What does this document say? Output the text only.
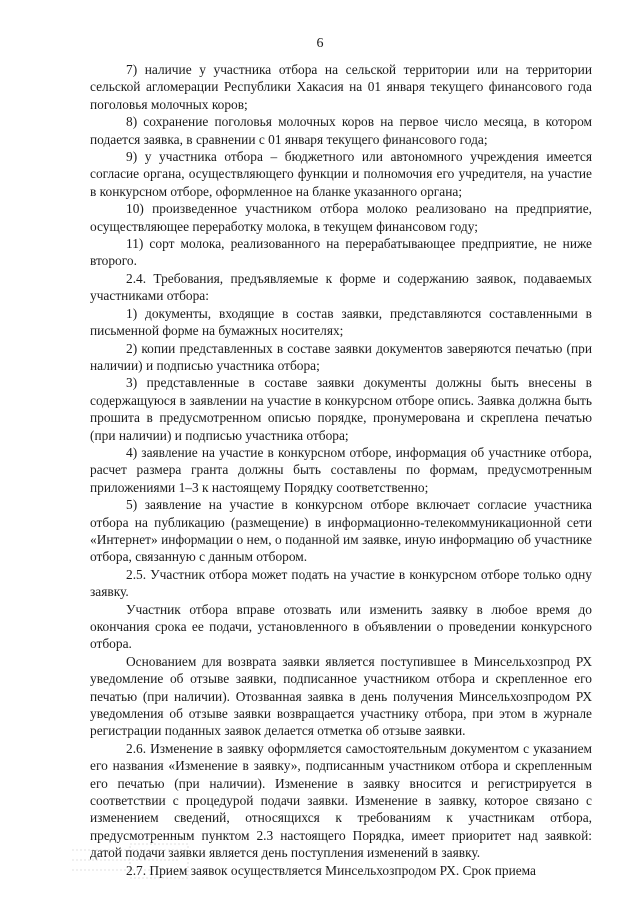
6

7) наличие у участника отбора на сельской территории или на территории сельской агломерации Республики Хакасия на 01 января текущего финансового года поголовья молочных коров;

8) сохранение поголовья молочных коров на первое число месяца, в котором подается заявка, в сравнении с 01 января текущего финансового года;

9) у участника отбора – бюджетного или автономного учреждения имеется согласие органа, осуществляющего функции и полномочия его учредителя, на участие в конкурсном отборе, оформленное на бланке указанного органа;

10) произведенное участником отбора молоко реализовано на предприятие, осуществляющее переработку молока, в текущем финансовом году;

11) сорт молока, реализованного на перерабатывающее предприятие, не ниже второго.

2.4. Требования, предъявляемые к форме и содержанию заявок, подаваемых участниками отбора:

1) документы, входящие в состав заявки, представляются составленными в письменной форме на бумажных носителях;

2) копии представленных в составе заявки документов заверяются печатью (при наличии) и подписью участника отбора;

3) представленные в составе заявки документы должны быть внесены в содержащуюся в заявлении на участие в конкурсном отборе опись. Заявка должна быть прошита в предусмотренном описью порядке, пронумерована и скреплена печатью (при наличии) и подписью участника отбора;

4) заявление на участие в конкурсном отборе, информация об участнике отбора, расчет размера гранта должны быть составлены по формам, предусмотренным приложениями 1–3 к настоящему Порядку соответственно;

5) заявление на участие в конкурсном отборе включает согласие участника отбора на публикацию (размещение) в информационно-телекоммуникационной сети «Интернет» информации о нем, о поданной им заявке, иную информацию об участнике отбора, связанную с данным отбором.

2.5. Участник отбора может подать на участие в конкурсном отборе только одну заявку.

Участник отбора вправе отозвать или изменить заявку в любое время до окончания срока ее подачи, установленного в объявлении о проведении конкурсного отбора.

Основанием для возврата заявки является поступившее в Минсельхозпрод РХ уведомление об отзыве заявки, подписанное участником отбора и скрепленное его печатью (при наличии). Отозванная заявка в день получения Минсельхозпродом РХ уведомления об отзыве заявки возвращается участнику отбора, при этом в журнале регистрации поданных заявок делается отметка об отзыве заявки.

2.6. Изменение в заявку оформляется самостоятельным документом с указанием его названия «Изменение в заявку», подписанным участником отбора и скрепленным его печатью (при наличии). Изменение в заявку вносится и регистрируется в соответствии с процедурой подачи заявки. Изменение в заявку, которое связано с изменением сведений, относящихся к требованиям к участникам отбора, предусмотренным пунктом 2.3 настоящего Порядка, имеет приоритет над заявкой: датой подачи заявки является день поступления изменений в заявку.

2.7. Прием заявок осуществляется Минсельхозпродом РХ. Срок приема
